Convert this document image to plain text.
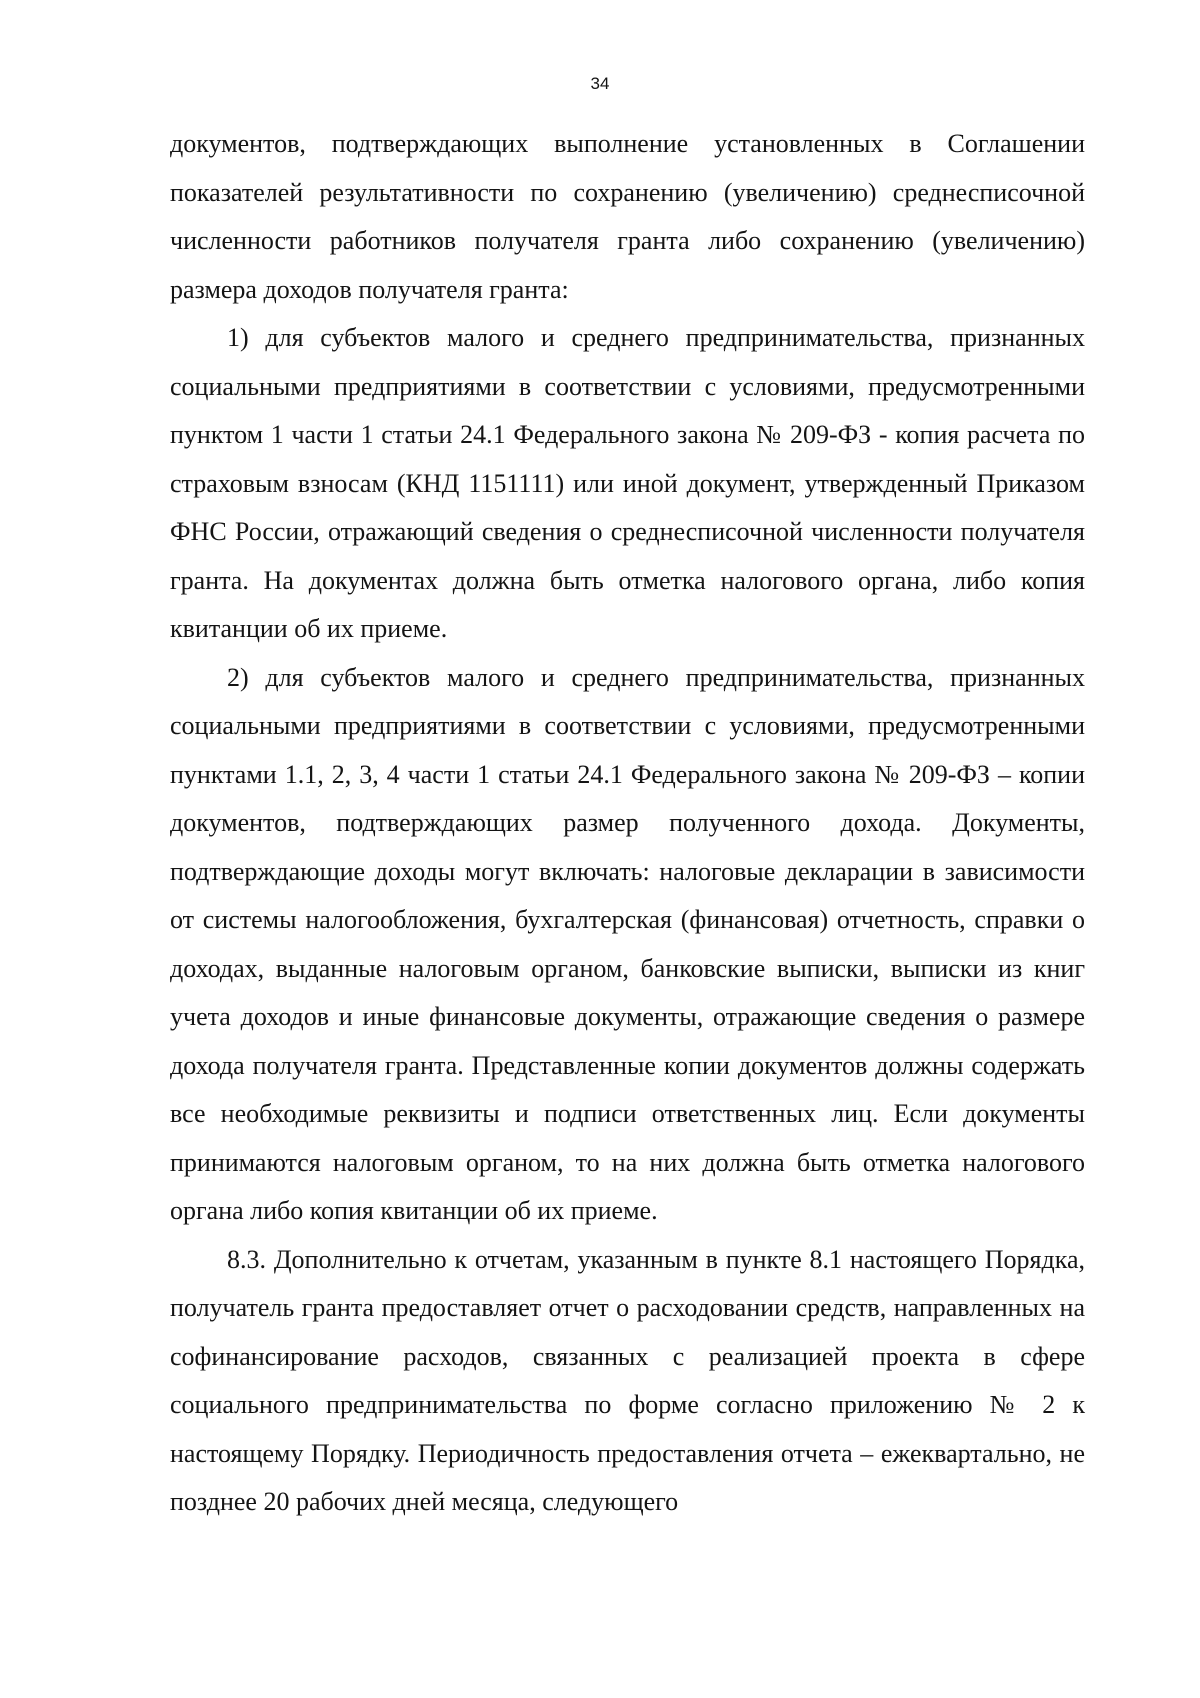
34

документов, подтверждающих выполнение установленных в Соглашении показателей результативности по сохранению (увеличению) среднесписочной численности работников получателя гранта либо сохранению (увеличению) размера доходов получателя гранта:

1) для субъектов малого и среднего предпринимательства, признанных социальными предприятиями в соответствии с условиями, предусмотренными пунктом 1 части 1 статьи 24.1 Федерального закона № 209-ФЗ - копия расчета по страховым взносам (КНД 1151111) или иной документ, утвержденный Приказом ФНС России, отражающий сведения о среднесписочной численности получателя гранта. На документах должна быть отметка налогового органа, либо копия квитанции об их приеме.

2) для субъектов малого и среднего предпринимательства, признанных социальными предприятиями в соответствии с условиями, предусмотренными пунктами 1.1, 2, 3, 4 части 1 статьи 24.1 Федерального закона № 209-ФЗ – копии документов, подтверждающих размер полученного дохода. Документы, подтверждающие доходы могут включать: налоговые декларации в зависимости от системы налогообложения, бухгалтерская (финансовая) отчетность, справки о доходах, выданные налоговым органом, банковские выписки, выписки из книг учета доходов и иные финансовые документы, отражающие сведения о размере дохода получателя гранта. Представленные копии документов должны содержать все необходимые реквизиты и подписи ответственных лиц. Если документы принимаются налоговым органом, то на них должна быть отметка налогового органа либо копия квитанции об их приеме.

8.3. Дополнительно к отчетам, указанным в пункте 8.1 настоящего Порядка, получатель гранта предоставляет отчет о расходовании средств, направленных на софинансирование расходов, связанных с реализацией проекта в сфере социального предпринимательства по форме согласно приложению № 2 к настоящему Порядку. Периодичность предоставления отчета – ежеквартально, не позднее 20 рабочих дней месяца, следующего
